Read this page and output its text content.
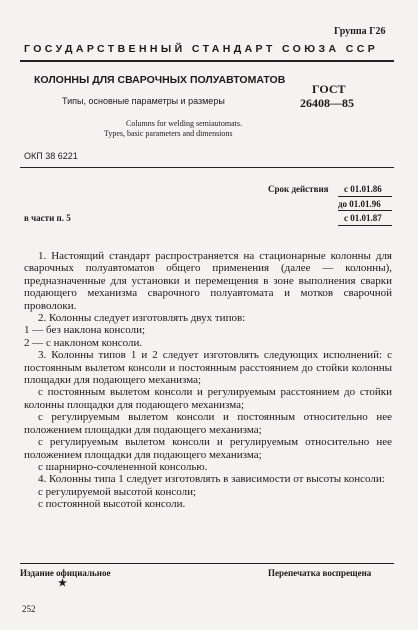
Группа Г26
ГОСУДАРСТВЕННЫЙ СТАНДАРТ СОЮЗА ССР
КОЛОННЫ ДЛЯ СВАРОЧНЫХ ПОЛУАВТОМАТОВ
Типы, основные параметры и размеры
Columns for welding semiautomats.
Types, basic parameters and dimensions
ГОСТ
26408—85
ОКП 38 6221
Срок действия с 01.01.86
до 01.01.96
в части п. 5	с 01.01.87

1. Настоящий стандарт распространяется на стационарные колонны для сварочных полуавтоматов общего применения (далее — колонны), предназначенные для установки и перемещения в зоне выполнения сварки подающего механизма сварочного полуавтомата и мотков сварочной проволоки.

2. Колонны следует изготовлять двух типов:

1 — без наклона консоли;

2 — с наклоном консоли.

3. Колонны типов 1 и 2 следует изготовлять следующих исполнений: с постоянным вылетом консоли и постоянным расстоянием до стойки колонны площадки для подающего механизма;

с постоянным вылетом консоли и регулируемым расстоянием до стойки колонны площадки для подающего механизма;

с регулируемым вылетом консоли и постоянным относительно нее положением площадки для подающего механизма;

с регулируемым вылетом консоли и регулируемым относительно нее положением площадки для подающего механизма;

с шарнирно-сочлененной консолью.

4. Колонны типа 1 следует изготовлять в зависимости от высоты консоли:

с регулируемой высотой консоли;

с постоянной высотой консоли.

Издание официальное
★
Перепечатка воспрещена
252
